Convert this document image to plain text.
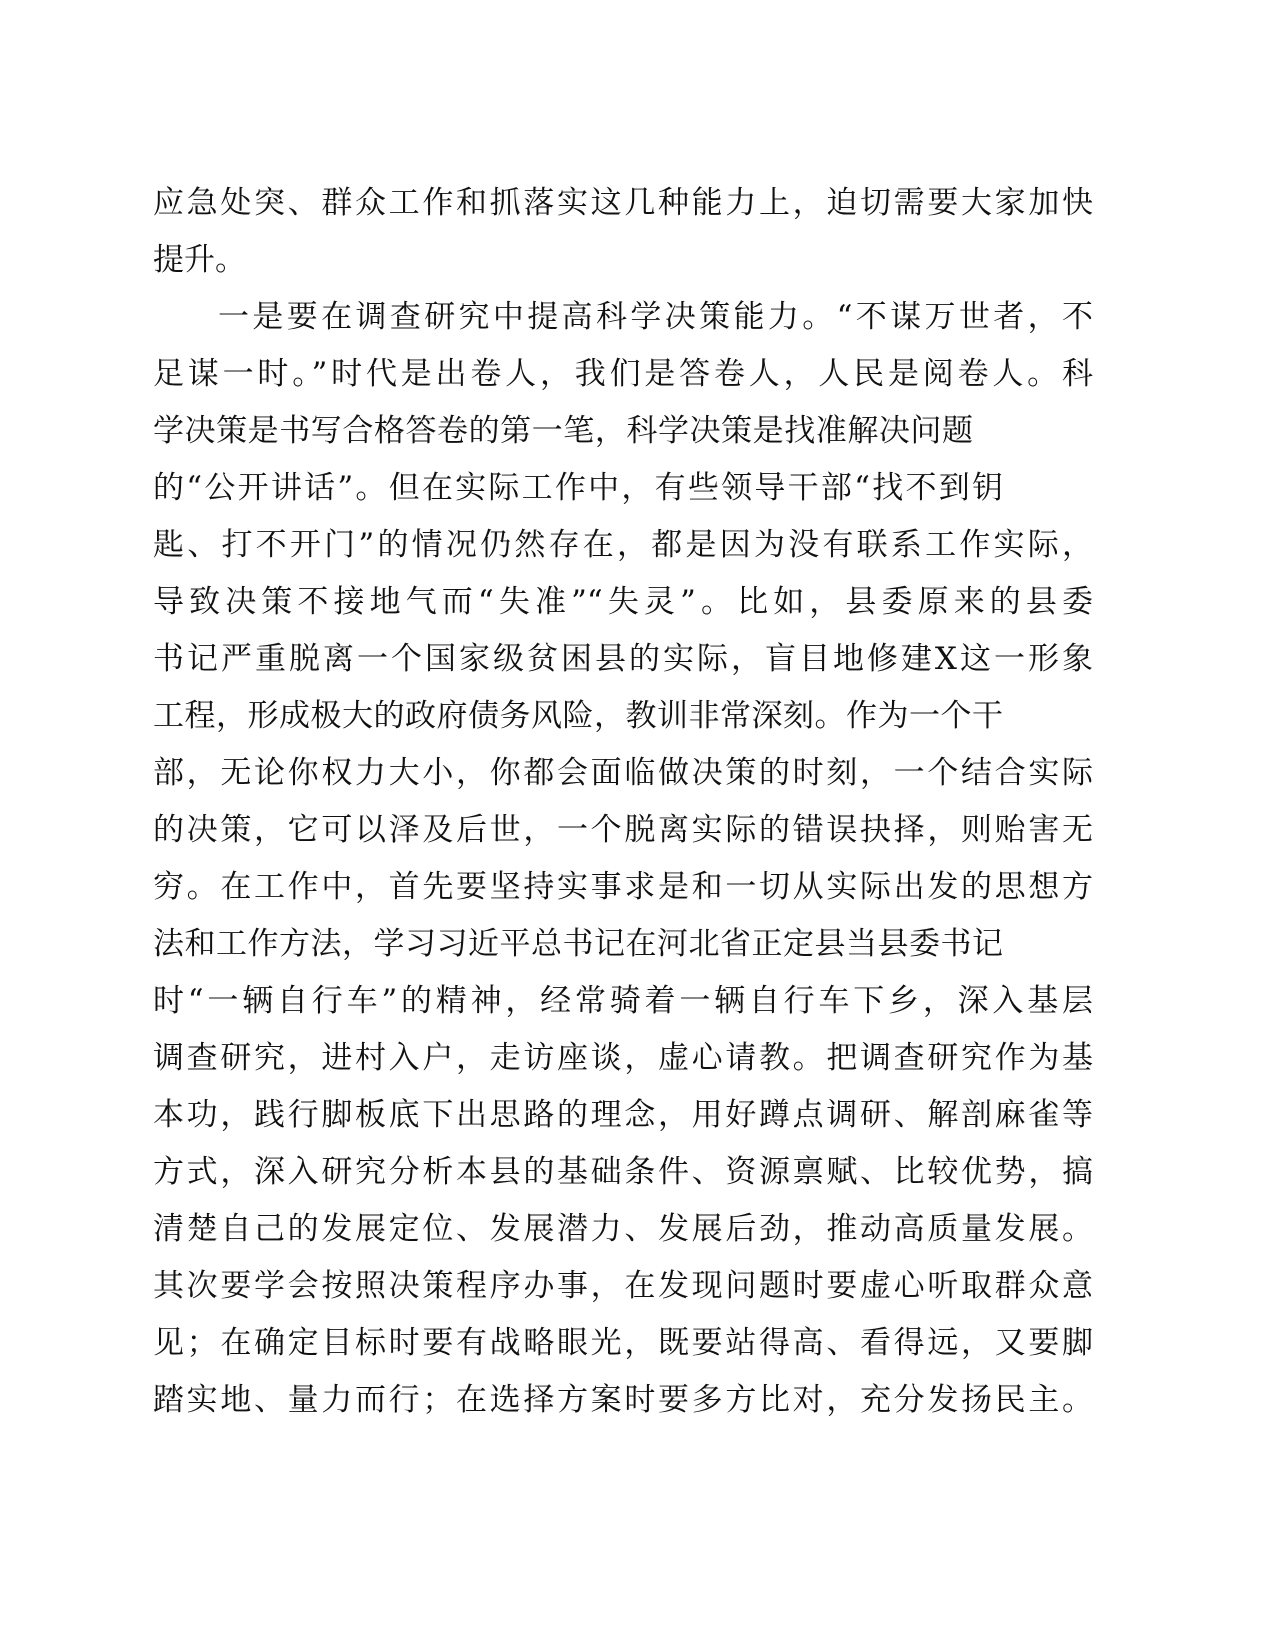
应急处突、群众工作和抓落实这几种能力上，迫切需要大家加快

提升。

一是要在调查研究中提高科学决策能力。“不谋万世者，不

足谋一时。”时代是出卷人，我们是答卷人，人民是阅卷人。科

学决策是书写合格答卷的第一笔，科学决策是找准解决问题

的“公开讲话”。但在实际工作中，有些领导干部“找不到钥

匙、打不开门”的情况仍然存在，都是因为没有联系工作实际，

导致决策不接地气而“失准”“失灵”。比如，县委原来的县委

书记严重脱离一个国家级贫困县的实际，盲目地修建X这一形象

工程，形成极大的政府债务风险，教训非常深刻。作为一个干

部，无论你权力大小，你都会面临做决策的时刻，一个结合实际

的决策，它可以泽及后世，一个脱离实际的错误抉择，则贻害无

穷。在工作中，首先要坚持实事求是和一切从实际出发的思想方

法和工作方法，学习习近平总书记在河北省正定县当县委书记

时“一辆自行车”的精神，经常骑着一辆自行车下乡，深入基层

调查研究，进村入户，走访座谈，虚心请教。把调查研究作为基

本功，践行脚板底下出思路的理念，用好蹲点调研、解剖麻雀等

方式，深入研究分析本县的基础条件、资源禀赋、比较优势，搞

清楚自己的发展定位、发展潜力、发展后劲，推动高质量发展。

其次要学会按照决策程序办事，在发现问题时要虚心听取群众意

见；在确定目标时要有战略眼光，既要站得高、看得远，又要脚

踏实地、量力而行；在选择方案时要多方比对，充分发扬民主。
